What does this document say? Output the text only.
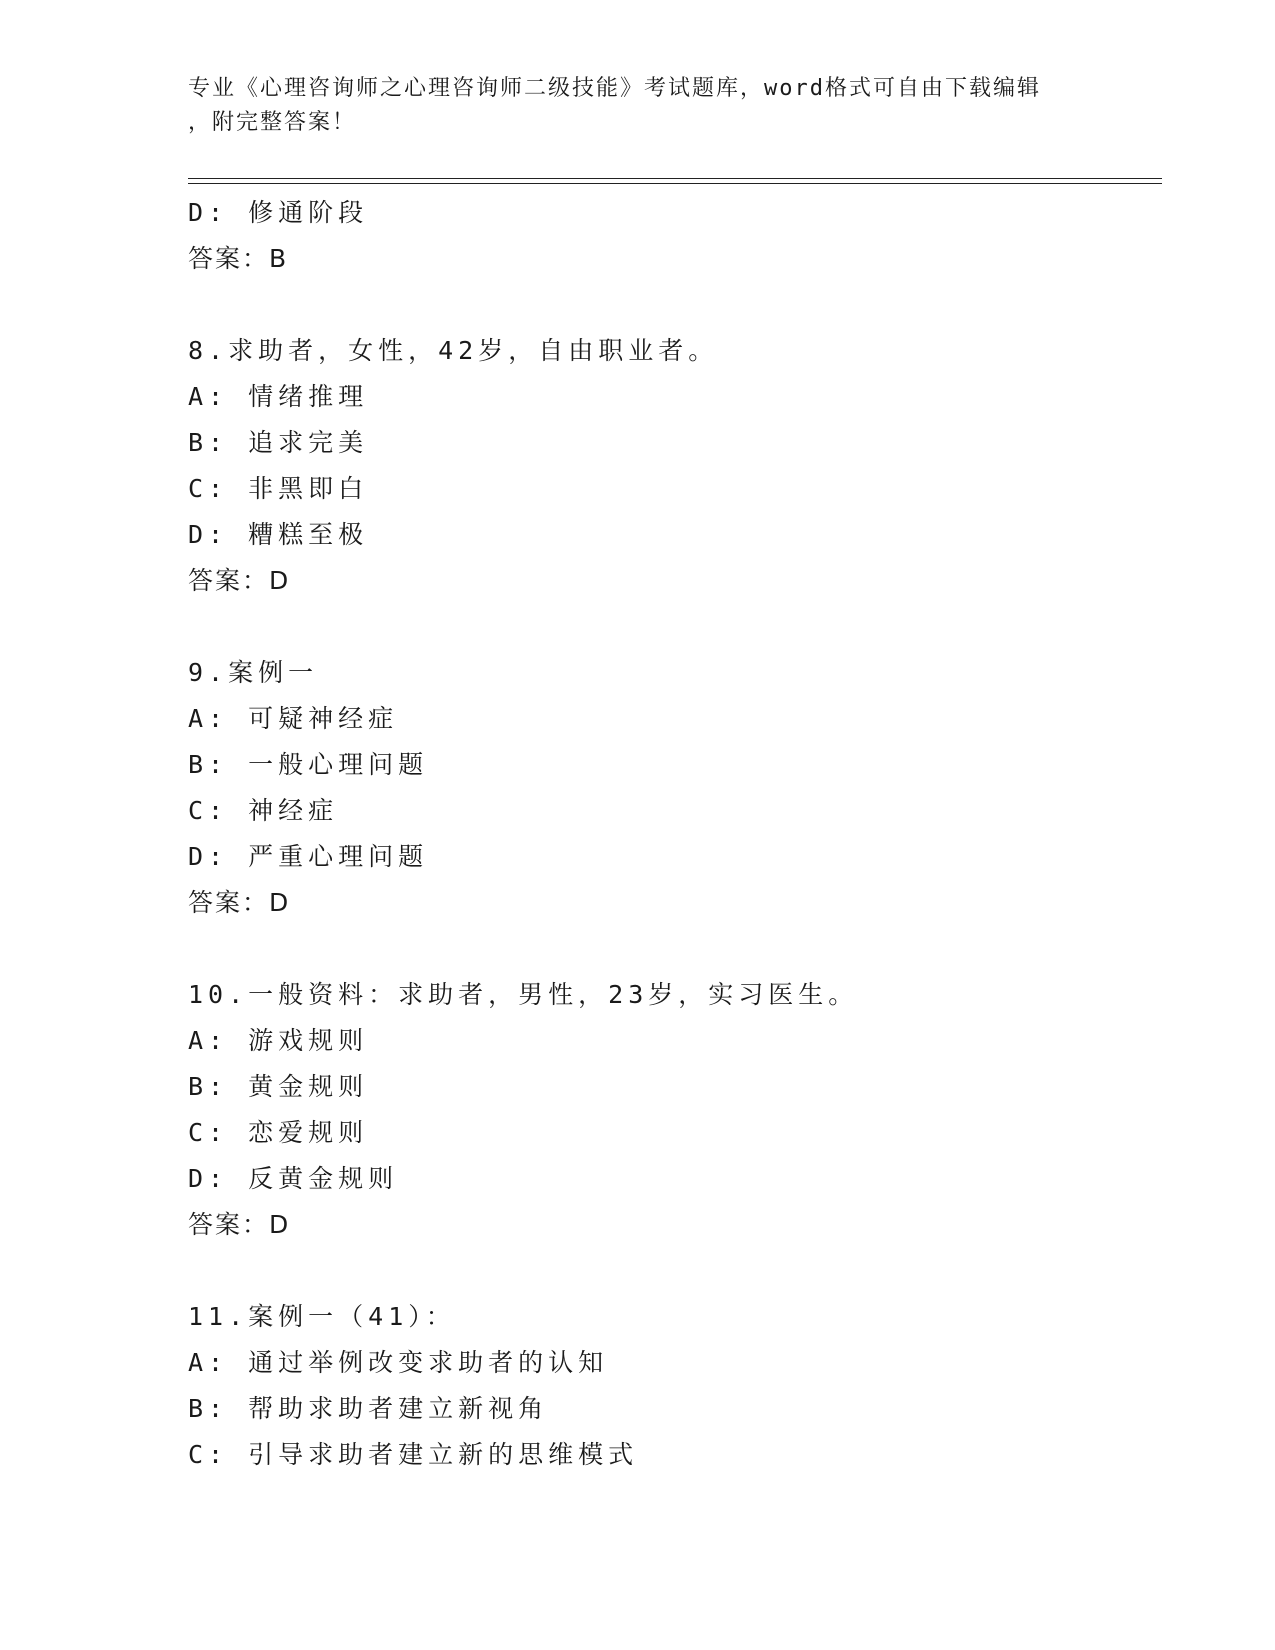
专业《心理咨询师之心理咨询师二级技能》考试题库，word格式可自由下载编辑
，附完整答案！
D: 修通阶段
答案：B
8.求助者，女性，42岁，自由职业者。
A: 情绪推理
B: 追求完美
C: 非黑即白
D: 糟糕至极
答案：D
9.案例一
A: 可疑神经症
B: 一般心理问题
C: 神经症
D: 严重心理问题
答案：D
10.一般资料：求助者，男性，23岁，实习医生。
A: 游戏规则
B: 黄金规则
C: 恋爱规则
D: 反黄金规则
答案：D
11.案例一（41）：
A: 通过举例改变求助者的认知
B: 帮助求助者建立新视角
C: 引导求助者建立新的思维模式
